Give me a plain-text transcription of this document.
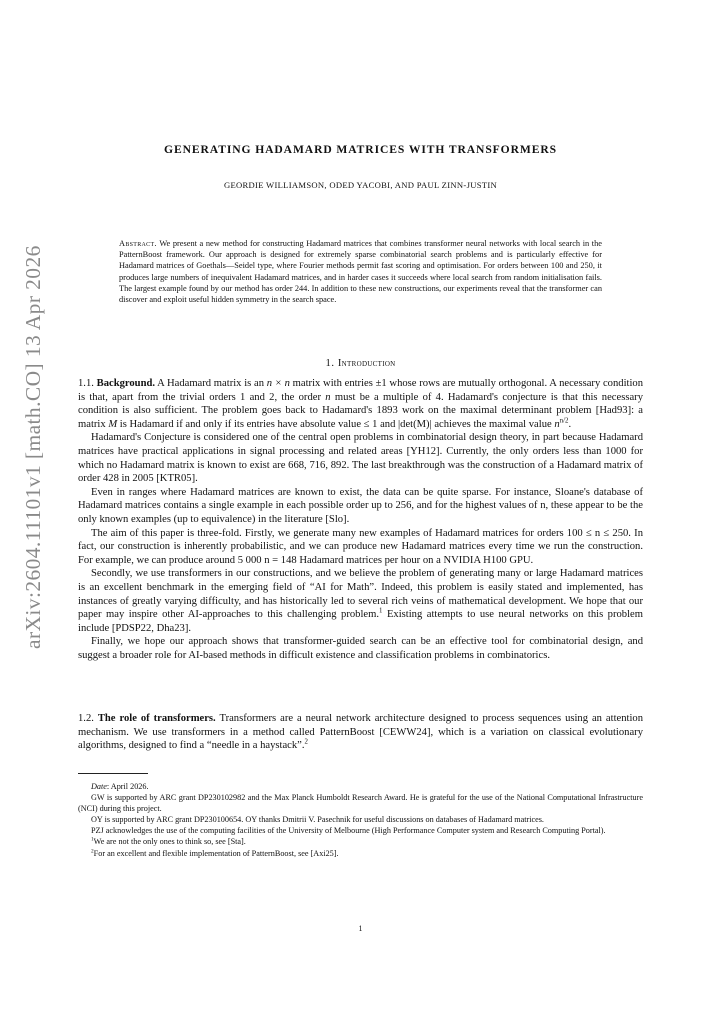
arXiv:2604.11101v1 [math.CO] 13 Apr 2026
GENERATING HADAMARD MATRICES WITH TRANSFORMERS
GEORDIE WILLIAMSON, ODED YACOBI, AND PAUL ZINN-JUSTIN
Abstract. We present a new method for constructing Hadamard matrices that combines transformer neural networks with local search in the PatternBoost framework. Our approach is designed for extremely sparse combinatorial search problems and is particularly effective for Hadamard matrices of Goethals—Seidel type, where Fourier methods permit fast scoring and optimisation. For orders between 100 and 250, it produces large numbers of inequivalent Hadamard matrices, and in harder cases it succeeds where local search from random initialisation fails. The largest example found by our method has order 244. In addition to these new constructions, our experiments reveal that the transformer can discover and exploit useful hidden symmetry in the search space.
1. Introduction

1.1. Background. A Hadamard matrix is an n × n matrix with entries ±1 whose rows are mutually orthogonal. A necessary condition is that, apart from the trivial orders 1 and 2, the order n must be a multiple of 4. Hadamard's conjecture is that this necessary condition is also sufficient. The problem goes back to Hadamard's 1893 work on the maximal determinant problem [Had93]: a matrix M is Hadamard if and only if its entries have absolute value ≤ 1 and |det(M)| achieves the maximal value $n^{n/2}$.

Hadamard's Conjecture is considered one of the central open problems in combinatorial design theory, in part because Hadamard matrices have practical applications in signal processing and related areas [YH12]. Currently, the only orders less than 1000 for which no Hadamard matrix is known to exist are 668, 716, 892. The last breakthrough was the construction of a Hadamard matrix of order 428 in 2005 [KTR05].

Even in ranges where Hadamard matrices are known to exist, the data can be quite sparse. For instance, Sloane's database of Hadamard matrices contains a single example in each possible order up to 256, and for the highest values of n, these appear to be the only known examples (up to equivalence) in the literature [Slo].

The aim of this paper is three-fold. Firstly, we generate many new examples of Hadamard matrices for orders 100 ≤ n ≤ 250. In fact, our construction is inherently probabilistic, and we can produce new Hadamard matrices every time we run the construction. For example, we can produce around 5 000 n = 148 Hadamard matrices per hour on a NVIDIA H100 GPU.

Secondly, we use transformers in our constructions, and we believe the problem of generating many or large Hadamard matrices is an excellent benchmark in the emerging field of “AI for Math”. Indeed, this problem is easily stated and implemented, has instances of greatly varying difficulty, and has historically led to several rich veins of mathematical development. We hope that our paper may inspire other AI-approaches to this challenging problem.$^1$ Existing attempts to use neural networks on this problem include [PDSP22, Dha23].

Finally, we hope our approach shows that transformer-guided search can be an effective tool for combinatorial design, and suggest a broader role for AI-based methods in difficult existence and classification problems in combinatorics.

1.2. The role of transformers. Transformers are a neural network architecture designed to process sequences using an attention mechanism. We use transformers in a method called PatternBoost [CEWW24], which is a variation on classical evolutionary algorithms, designed to find a “needle in a haystack”.$^2$

Date: April 2026.

GW is supported by ARC grant DP230102982 and the Max Planck Humboldt Research Award. He is grateful for the use of the National Computational Infrastructure (NCI) during this project.

OY is supported by ARC grant DP230100654. OY thanks Dmitrii V. Pasechnik for useful discussions on databases of Hadamard matrices.

PZJ acknowledges the use of the computing facilities of the University of Melbourne (High Performance Computer system and Research Computing Portal).

$^1$We are not the only ones to think so, see [Sta].

$^2$For an excellent and flexible implementation of PatternBoost, see [Axi25].

1
